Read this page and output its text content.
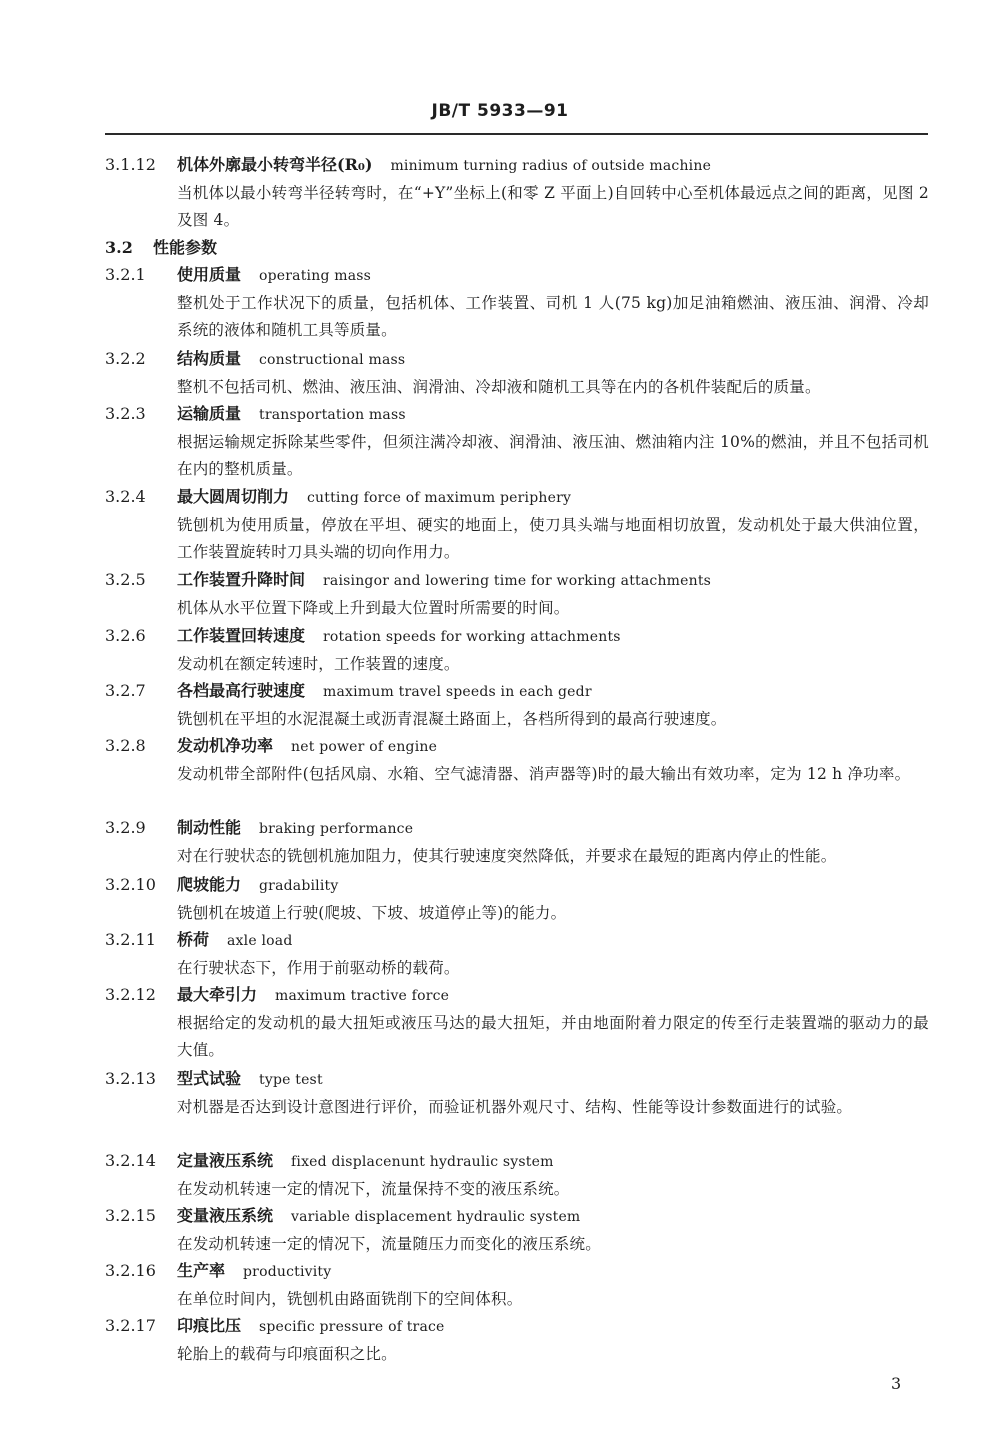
JB/T 5933—91
3.1.12 机体外廓最小转弯半径(R₀) minimum turning radius of outside machine
当机体以最小转弯半径转弯时，在“+Y”坐标上(和零 Z 平面上)自回转中心至机体最远点之间的距离，见图 2 及图 4。
3.2 性能参数
3.2.1 使用质量 operating mass
整机处于工作状况下的质量，包括机体、工作装置、司机 1 人(75 kg)加足油箱燃油、液压油、润滑、冷却系统的液体和随机工具等质量。
3.2.2 结构质量 constructional mass
整机不包括司机、燃油、液压油、润滑油、冷却液和随机工具等在内的各机件装配后的质量。
3.2.3 运输质量 transportation mass
根据运输规定拆除某些零件，但须注满冷却液、润滑油、液压油、燃油箱内注 10%的燃油，并且不包括司机在内的整机质量。
3.2.4 最大圆周切削力 cutting force of maximum periphery
铣刨机为使用质量，停放在平坦、硬实的地面上，使刀具头端与地面相切放置，发动机处于最大供油位置，工作装置旋转时刀具头端的切向作用力。
3.2.5 工作装置升降时间 raisingor and lowering time for working attachments
机体从水平位置下降或上升到最大位置时所需要的时间。
3.2.6 工作装置回转速度 rotation speeds for working attachments
发动机在额定转速时，工作装置的速度。
3.2.7 各档最高行驶速度 maximum travel speeds in each gedr
铣刨机在平坦的水泥混凝土或沥青混凝土路面上，各档所得到的最高行驶速度。
3.2.8 发动机净功率 net power of engine
发动机带全部附件(包括风扇、水箱、空气滤清器、消声器等)时的最大输出有效功率，定为 12 h 净功率。
3.2.9 制动性能 braking performance
对在行驶状态的铣刨机施加阻力，使其行驶速度突然降低，并要求在最短的距离内停止的性能。
3.2.10 爬坡能力 gradability
铣刨机在坡道上行驶(爬坡、下坡、坡道停止等)的能力。
3.2.11 桥荷 axle load
在行驶状态下，作用于前驱动桥的载荷。
3.2.12 最大牵引力 maximum tractive force
根据给定的发动机的最大扭矩或液压马达的最大扭矩，并由地面附着力限定的传至行走装置端的驱动力的最大值。
3.2.13 型式试验 type test
对机器是否达到设计意图进行评价，而验证机器外观尺寸、结构、性能等设计参数面进行的试验。
3.2.14 定量液压系统 fixed displacenunt hydraulic system
在发动机转速一定的情况下，流量保持不变的液压系统。
3.2.15 变量液压系统 variable displacement hydraulic system
在发动机转速一定的情况下，流量随压力而变化的液压系统。
3.2.16 生产率 productivity
在单位时间内，铣刨机由路面铣削下的空间体积。
3.2.17 印痕比压 specific pressure of trace
轮胎上的载荷与印痕面积之比。
3
